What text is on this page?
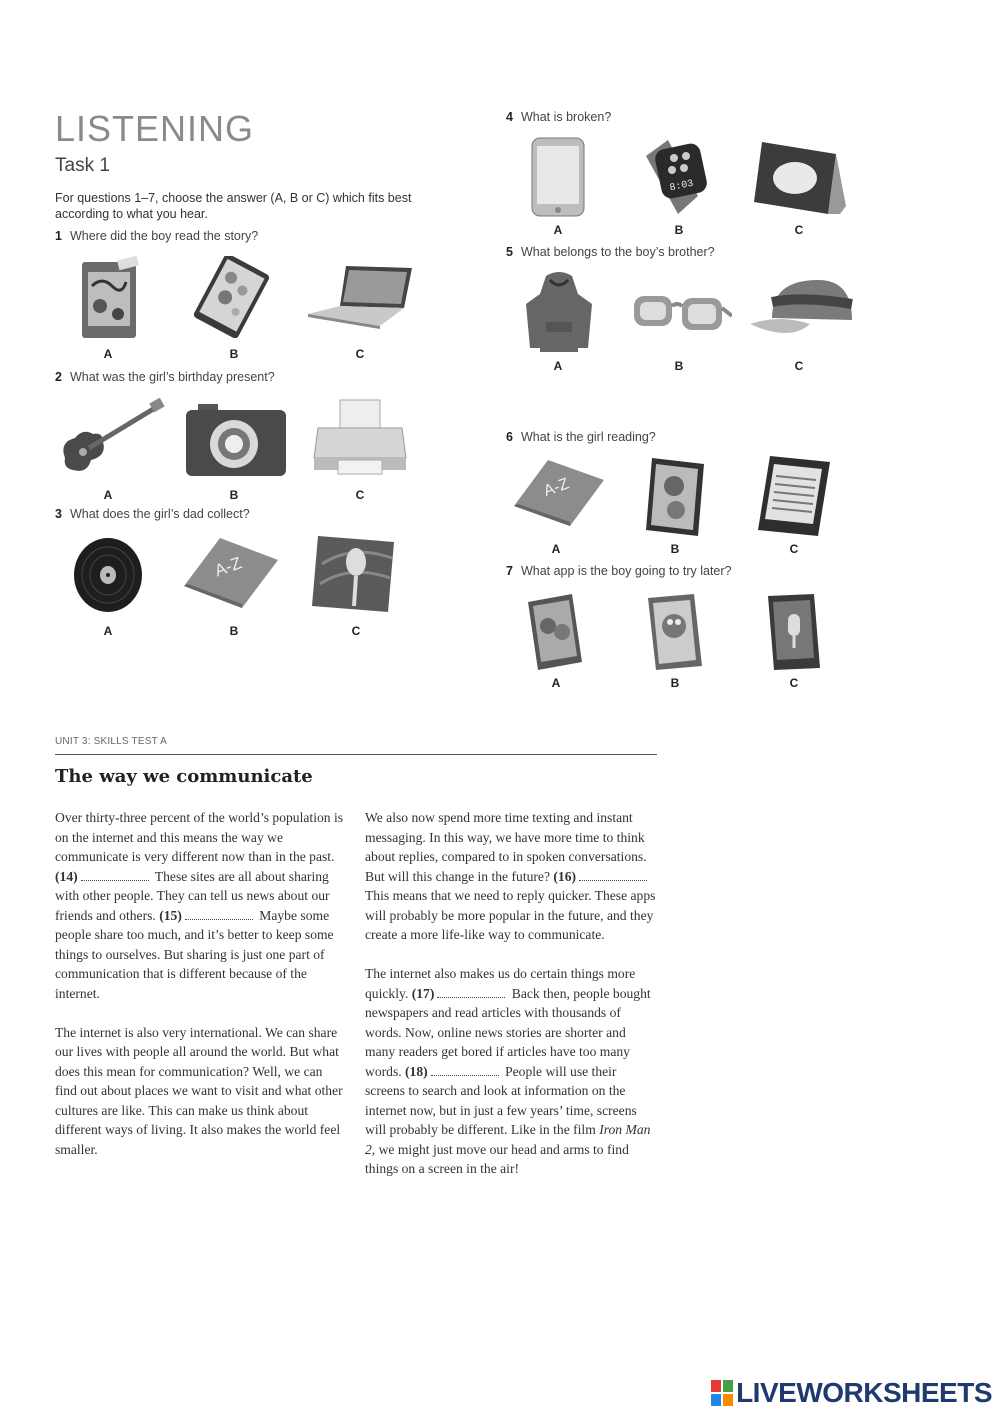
LISTENING
Task 1
For questions 1–7, choose the answer (A, B or C) which fits best according to what you hear.
1 Where did the boy read the story?
A	B	C
2 What was the girl’s birthday present?
A	B	C
3 What does the girl’s dad collect?
A-Z
A	B	C
4 What is broken?
8:03
A	B	C
5 What belongs to the boy’s brother?
A	B	C
6 What is the girl reading?
A-Z
A	B	C
7 What app is the boy going to try later?
A	B	C
UNIT 3: SKILLS TEST A
The way we communicate

Over thirty-three percent of the world’s population is on the internet and this means the way we communicate is very different now than in the past. (14)	These sites are all about sharing with other people. They can tell us news about our friends and others. (15)	Maybe some people share too much, and it’s better to keep some things to ourselves. But sharing is just one part of communication that is different because of the internet.

The internet is also very international. We can share our lives with people all around the world. But what does this mean for communication? Well, we can find out about places we want to visit and what other cultures are like. This can make us think about different ways of living. It also makes the world feel smaller.

We also now spend more time texting and instant messaging. In this way, we have more time to think about replies, compared to in spoken conversations. But will this change in the future? (16) This means that we need to reply quicker. These apps will probably be more popular in the future, and they create a more life-like way to communicate.

The internet also makes us do certain things more quickly. (17)	Back then, people bought newspapers and read articles with thousands of words. Now, online news stories are shorter and many readers get bored if articles have too many words. (18)	People will use their screens to search and look at information on the internet now, but in just a few years’ time, screens will probably be different. Like in the film Iron Man 2, we might just move our head and arms to find things on a screen in the air!

LIVEWORKSHEETS
